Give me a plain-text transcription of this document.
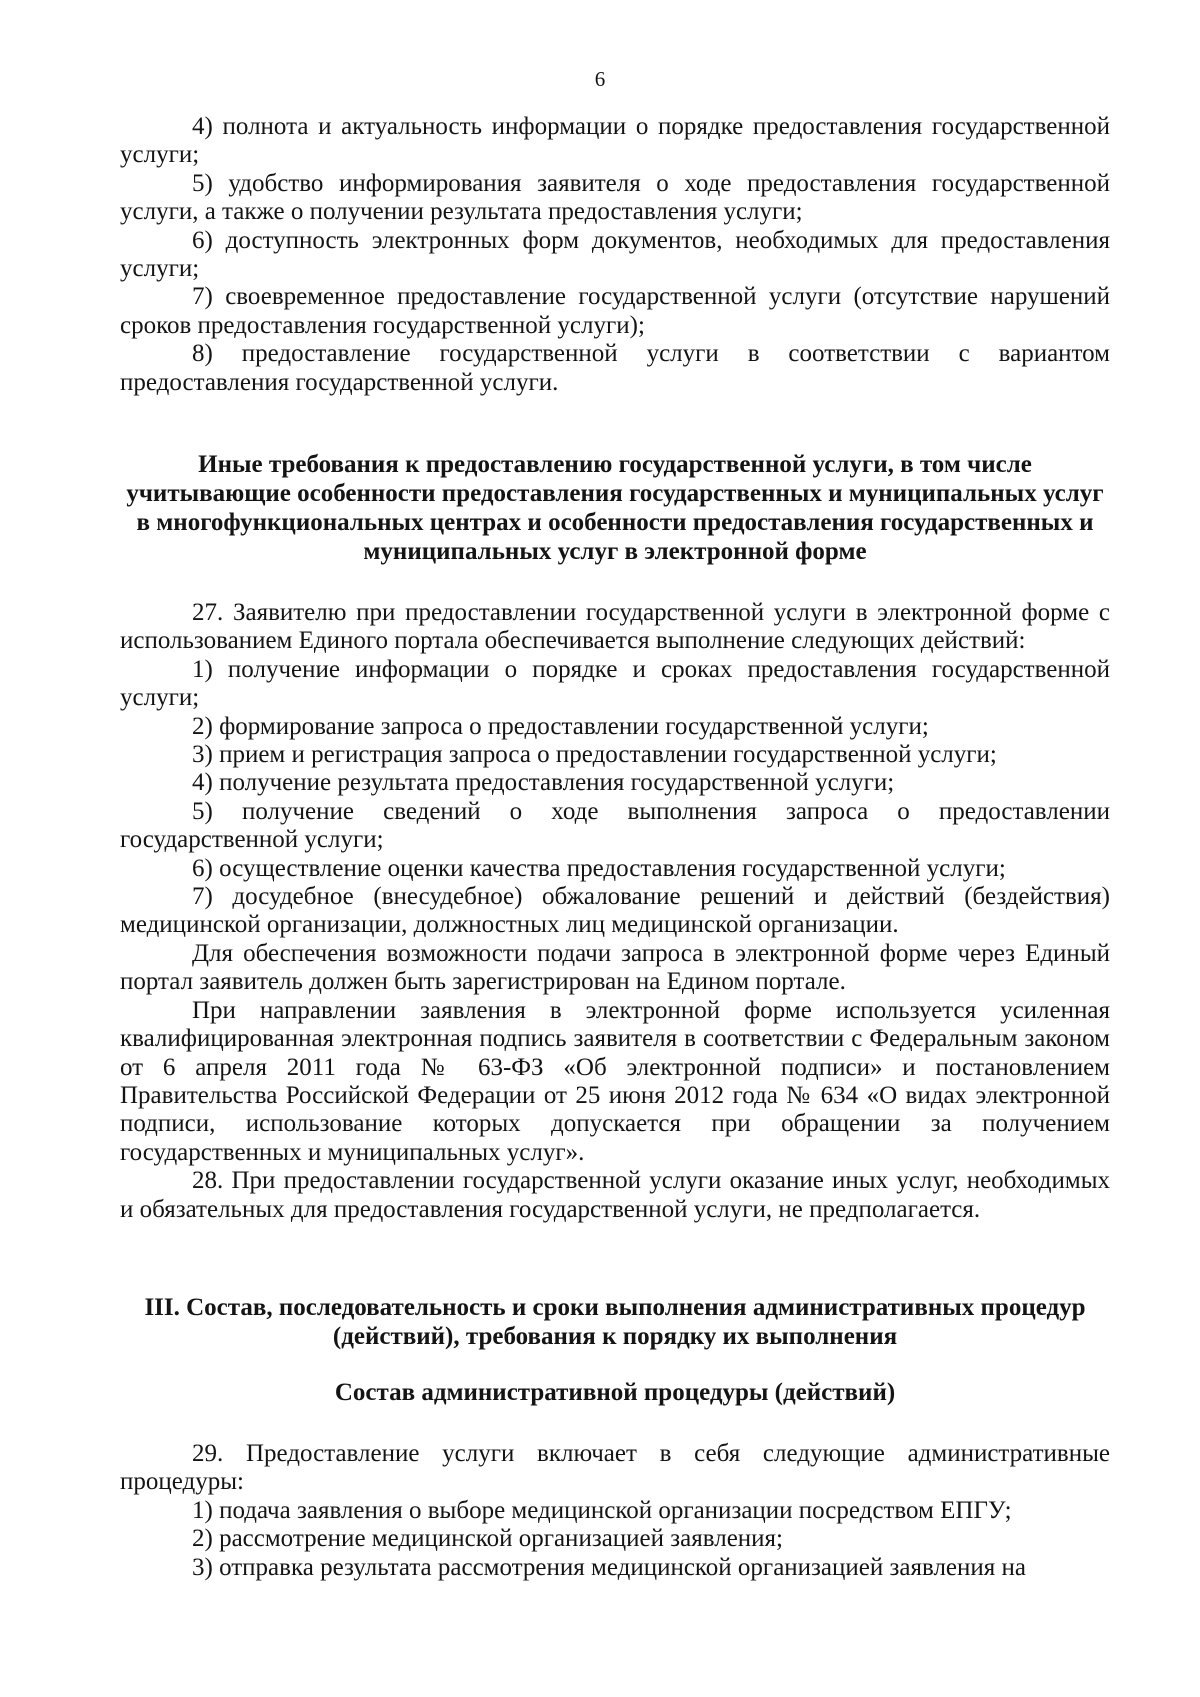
6

4) полнота и актуальность информации о порядке предоставления государственной услуги;

5) удобство информирования заявителя о ходе предоставления государственной услуги, а также о получении результата предоставления услуги;

6) доступность электронных форм документов, необходимых для предоставления услуги;

7) своевременное предоставление государственной услуги (отсутствие нарушений сроков предоставления государственной услуги);

8) предоставление государственной услуги в соответствии с вариантом предоставления государственной услуги.

Иные требования к предоставлению государственной услуги, в том числе учитывающие особенности предоставления государственных и муниципальных услуг в многофункциональных центрах и особенности предоставления государственных и муниципальных услуг в электронной форме

27. Заявителю при предоставлении государственной услуги в электронной форме с использованием Единого портала обеспечивается выполнение следующих действий:

1) получение информации о порядке и сроках предоставления государственной услуги;

2) формирование запроса о предоставлении государственной услуги;

3) прием и регистрация запроса о предоставлении государственной услуги;

4) получение результата предоставления государственной услуги;

5) получение сведений о ходе выполнения запроса о предоставлении государственной услуги;

6) осуществление оценки качества предоставления государственной услуги;

7) досудебное (внесудебное) обжалование решений и действий (бездействия) медицинской организации, должностных лиц медицинской организации.

Для обеспечения возможности подачи запроса в электронной форме через Единый портал заявитель должен быть зарегистрирован на Едином портале.

При направлении заявления в электронной форме используется усиленная квалифицированная электронная подпись заявителя в соответствии с Федеральным законом от 6 апреля 2011 года № 63-ФЗ «Об электронной подписи» и постановлением Правительства Российской Федерации от 25 июня 2012 года № 634 «О видах электронной подписи, использование которых допускается при обращении за получением государственных и муниципальных услуг».

28. При предоставлении государственной услуги оказание иных услуг, необходимых и обязательных для предоставления государственной услуги, не предполагается.

III. Состав, последовательность и сроки выполнения административных процедур (действий), требования к порядку их выполнения
Состав административной процедуры (действий)

29. Предоставление услуги включает в себя следующие административные процедуры:

1) подача заявления о выборе медицинской организации посредством ЕПГУ;

2) рассмотрение медицинской организацией заявления;

3) отправка результата рассмотрения медицинской организацией заявления на
